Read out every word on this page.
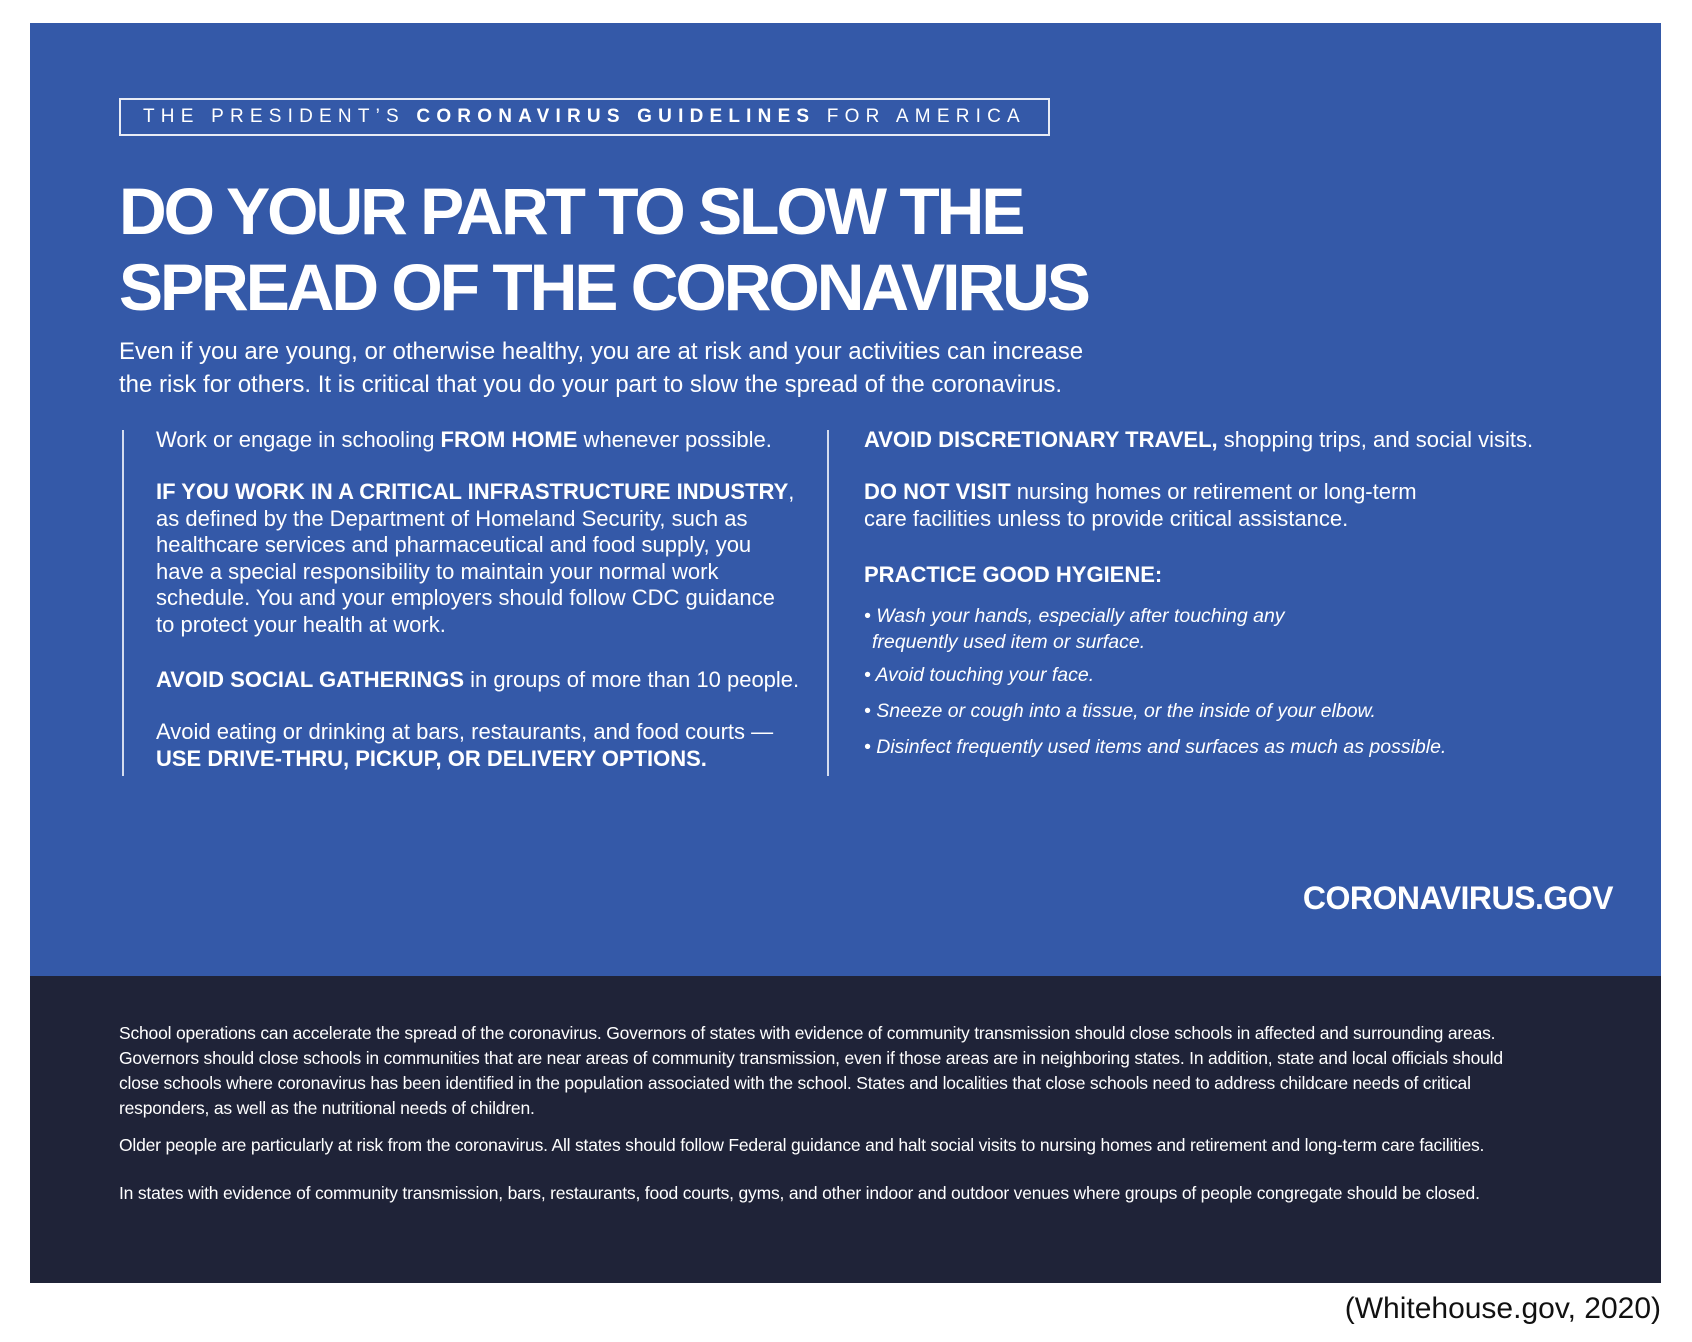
THE PRESIDENT’S CORONAVIRUS GUIDELINES FOR AMERICA
DO YOUR PART TO SLOW THE
SPREAD OF THE CORONAVIRUS
Even if you are young, or otherwise healthy, you are at risk and your activities can increase
the risk for others. It is critical that you do your part to slow the spread of the coronavirus.
Work or engage in schooling FROM HOME whenever possible.
IF YOU WORK IN A CRITICAL INFRASTRUCTURE INDUSTRY,
as defined by the Department of Homeland Security, such as
healthcare services and pharmaceutical and food supply, you
have a special responsibility to maintain your normal work
schedule. You and your employers should follow CDC guidance
to protect your health at work.
AVOID SOCIAL GATHERINGS in groups of more than 10 people.
Avoid eating or drinking at bars, restaurants, and food courts —
USE DRIVE-THRU, PICKUP, OR DELIVERY OPTIONS.
AVOID DISCRETIONARY TRAVEL, shopping trips, and social visits.
DO NOT VISIT nursing homes or retirement or long-term
care facilities unless to provide critical assistance.
PRACTICE GOOD HYGIENE:
• Wash your hands, especially after touching any
frequently used item or surface.
• Avoid touching your face.
• Sneeze or cough into a tissue, or the inside of your elbow.
• Disinfect frequently used items and surfaces as much as possible.
CORONAVIRUS.GOV
School operations can accelerate the spread of the coronavirus. Governors of states with evidence of community transmission should close schools in affected and surrounding areas.
Governors should close schools in communities that are near areas of community transmission, even if those areas are in neighboring states. In addition, state and local officials should
close schools where coronavirus has been identified in the population associated with the school. States and localities that close schools need to address childcare needs of critical
responders, as well as the nutritional needs of children.
Older people are particularly at risk from the coronavirus. All states should follow Federal guidance and halt social visits to nursing homes and retirement and long-term care facilities.
In states with evidence of community transmission, bars, restaurants, food courts, gyms, and other indoor and outdoor venues where groups of people congregate should be closed.
(Whitehouse.gov, 2020)
